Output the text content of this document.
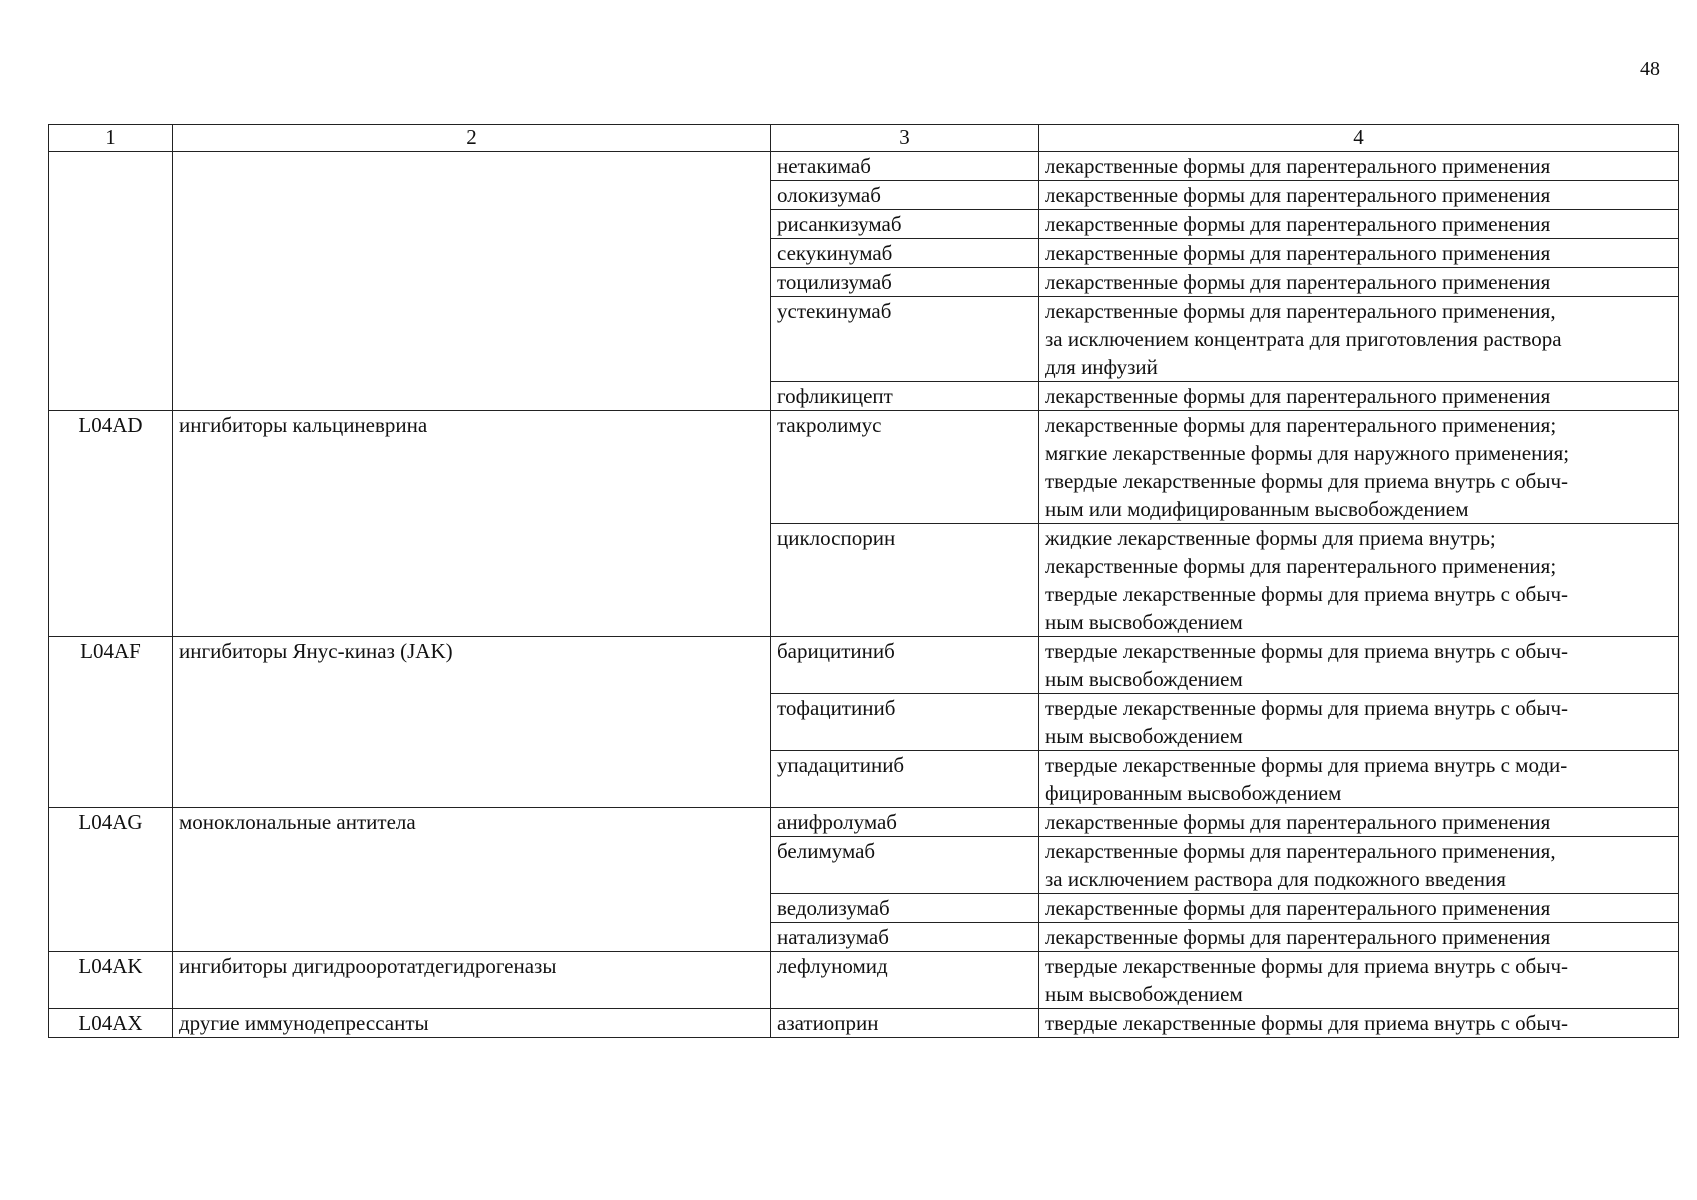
48
1	2	3	4
		нетакимаб	лекарственные формы для парентерального применения

		олокизумаб	лекарственные формы для парентерального применения

		рисанкизумаб	лекарственные формы для парентерального применения

		секукинумаб	лекарственные формы для парентерального применения

		тоцилизумаб	лекарственные формы для парентерального применения

		устекинумаб	лекарственные формы для парентерального применения,
за исключением концентрата для приготовления раствора
для инфузий

		гофликицепт	лекарственные формы для парентерального применения

L04AD	ингибиторы кальциневрина	такролимус	лекарственные формы для парентерального применения;
мягкие лекарственные формы для наружного применения;
твердые лекарственные формы для приема внутрь с обыч-
ным или модифицированным высвобождением

		циклоспорин	жидкие лекарственные формы для приема внутрь;
лекарственные формы для парентерального применения;
твердые лекарственные формы для приема внутрь с обыч-
ным высвобождением

L04AF	ингибиторы Янус-киназ (JAK)	барицитиниб	твердые лекарственные формы для приема внутрь с обыч-
ным высвобождением

		тофацитиниб	твердые лекарственные формы для приема внутрь с обыч-
ным высвобождением

		упадацитиниб	твердые лекарственные формы для приема внутрь с моди-
фицированным высвобождением

L04AG	моноклональные антитела	анифролумаб	лекарственные формы для парентерального применения

		белимумаб	лекарственные формы для парентерального применения,
за исключением раствора для подкожного введения

		ведолизумаб	лекарственные формы для парентерального применения

		натализумаб	лекарственные формы для парентерального применения

L04AK	ингибиторы дигидрооротатдегидрогеназы	лефлуномид	твердые лекарственные формы для приема внутрь с обыч-
ным высвобождением

L04AX	другие иммунодепрессанты	азатиоприн	твердые лекарственные формы для приема внутрь с обыч-
